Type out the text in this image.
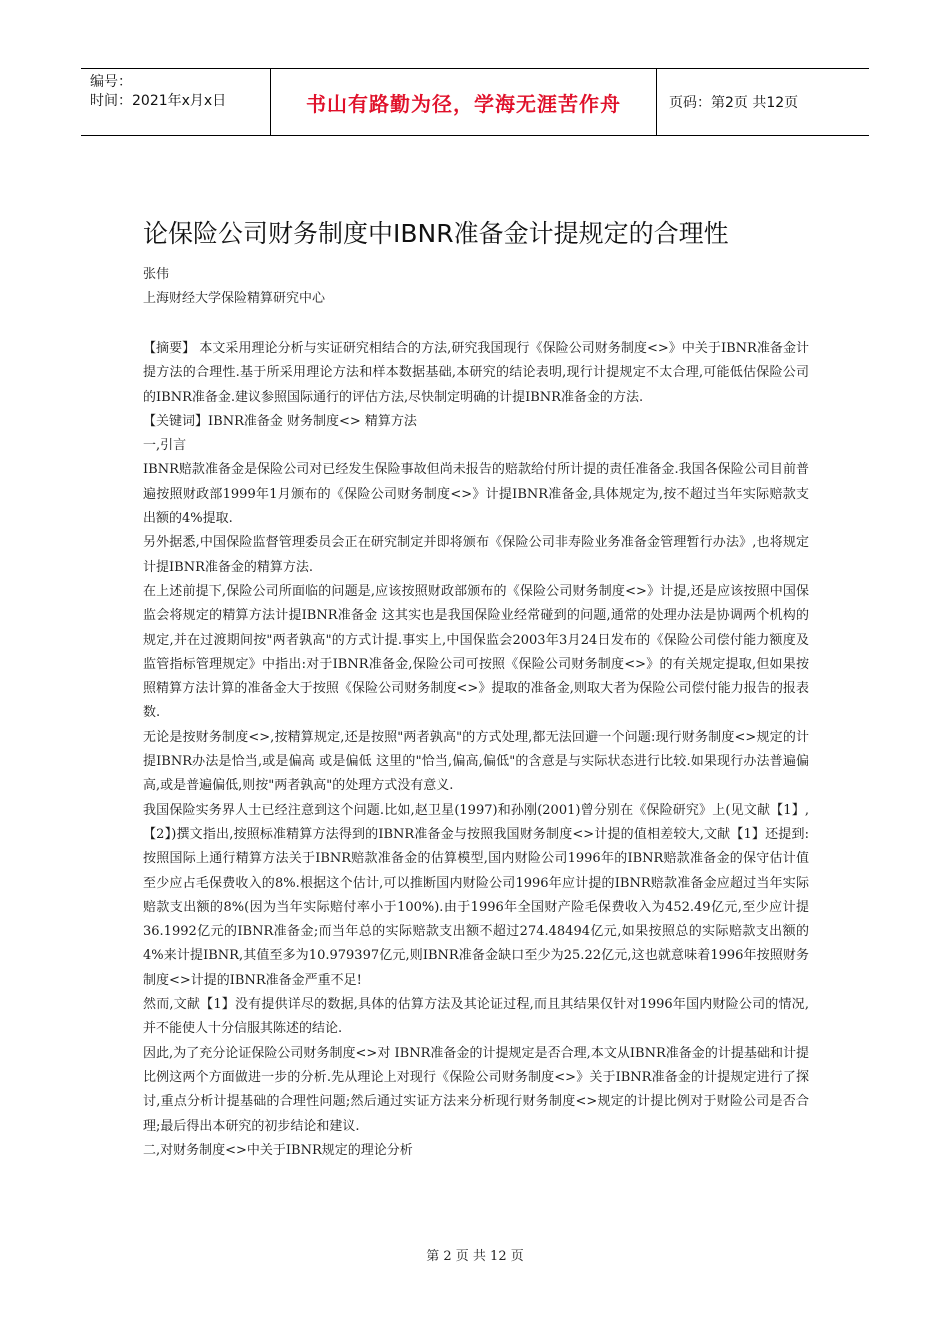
编号：
时间：2021年x月x日	书山有路勤为径，学海无涯苦作舟	页码：第2页 共12页
论保险公司财务制度中IBNR准备金计提规定的合理性
张伟
上海财经大学保险精算研究中心

【摘要】 本文采用理论分析与实证研究相结合的方法,研究我国现行《保险公司财务制度<>》中关于IBNR准备金计提方法的合理性.基于所采用理论方法和样本数据基础,本研究的结论表明,现行计提规定不太合理,可能低估保险公司的IBNR准备金.建议参照国际通行的评估方法,尽快制定明确的计提IBNR准备金的方法.

【关键词】IBNR准备金 财务制度<> 精算方法

一,引言

IBNR赔款准备金是保险公司对已经发生保险事故但尚未报告的赔款给付所计提的责任准备金.我国各保险公司目前普遍按照财政部1999年1月颁布的《保险公司财务制度<>》计提IBNR准备金,具体规定为,按不超过当年实际赔款支出额的4%提取.

另外据悉,中国保险监督管理委员会正在研究制定并即将颁布《保险公司非寿险业务准备金管理暂行办法》,也将规定计提IBNR准备金的精算方法.

在上述前提下,保险公司所面临的问题是,应该按照财政部颁布的《保险公司财务制度<>》计提,还是应该按照中国保监会将规定的精算方法计提IBNR准备金 这其实也是我国保险业经常碰到的问题,通常的处理办法是协调两个机构的规定,并在过渡期间按"两者孰高"的方式计提.事实上,中国保监会2003年3月24日发布的《保险公司偿付能力额度及监管指标管理规定》中指出:对于IBNR准备金,保险公司可按照《保险公司财务制度<>》的有关规定提取,但如果按照精算方法计算的准备金大于按照《保险公司财务制度<>》提取的准备金,则取大者为保险公司偿付能力报告的报表数.

无论是按财务制度<>,按精算规定,还是按照"两者孰高"的方式处理,都无法回避一个问题:现行财务制度<>规定的计提IBNR办法是恰当,或是偏高 或是偏低 这里的"恰当,偏高,偏低"的含意是与实际状态进行比较.如果现行办法普遍偏高,或是普遍偏低,则按"两者孰高"的处理方式没有意义.

我国保险实务界人士已经注意到这个问题.比如,赵卫星(1997)和孙刚(2001)曾分别在《保险研究》上(见文献【1】,【2】)撰文指出,按照标准精算方法得到的IBNR准备金与按照我国财务制度<>计提的值相差较大,文献【1】还提到:按照国际上通行精算方法关于IBNR赔款准备金的估算模型,国内财险公司1996年的IBNR赔款准备金的保守估计值至少应占毛保费收入的8%.根据这个估计,可以推断国内财险公司1996年应计提的IBNR赔款准备金应超过当年实际赔款支出额的8%(因为当年实际赔付率小于100%).由于1996年全国财产险毛保费收入为452.49亿元,至少应计提36.1992亿元的IBNR准备金;而当年总的实际赔款支出额不超过274.48494亿元,如果按照总的实际赔款支出额的4%来计提IBNR,其值至多为10.979397亿元,则IBNR准备金缺口至少为25.22亿元,这也就意味着1996年按照财务制度<>计提的IBNR准备金严重不足!

然而,文献【1】没有提供详尽的数据,具体的估算方法及其论证过程,而且其结果仅针对1996年国内财险公司的情况,并不能使人十分信服其陈述的结论.

因此,为了充分论证保险公司财务制度<>对 IBNR准备金的计提规定是否合理,本文从IBNR准备金的计提基础和计提比例这两个方面做进一步的分析.先从理论上对现行《保险公司财务制度<>》关于IBNR准备金的计提规定进行了探讨,重点分析计提基础的合理性问题;然后通过实证方法来分析现行财务制度<>规定的计提比例对于财险公司是否合理;最后得出本研究的初步结论和建议.

二,对财务制度<>中关于IBNR规定的理论分析

第 2 页 共 12 页
